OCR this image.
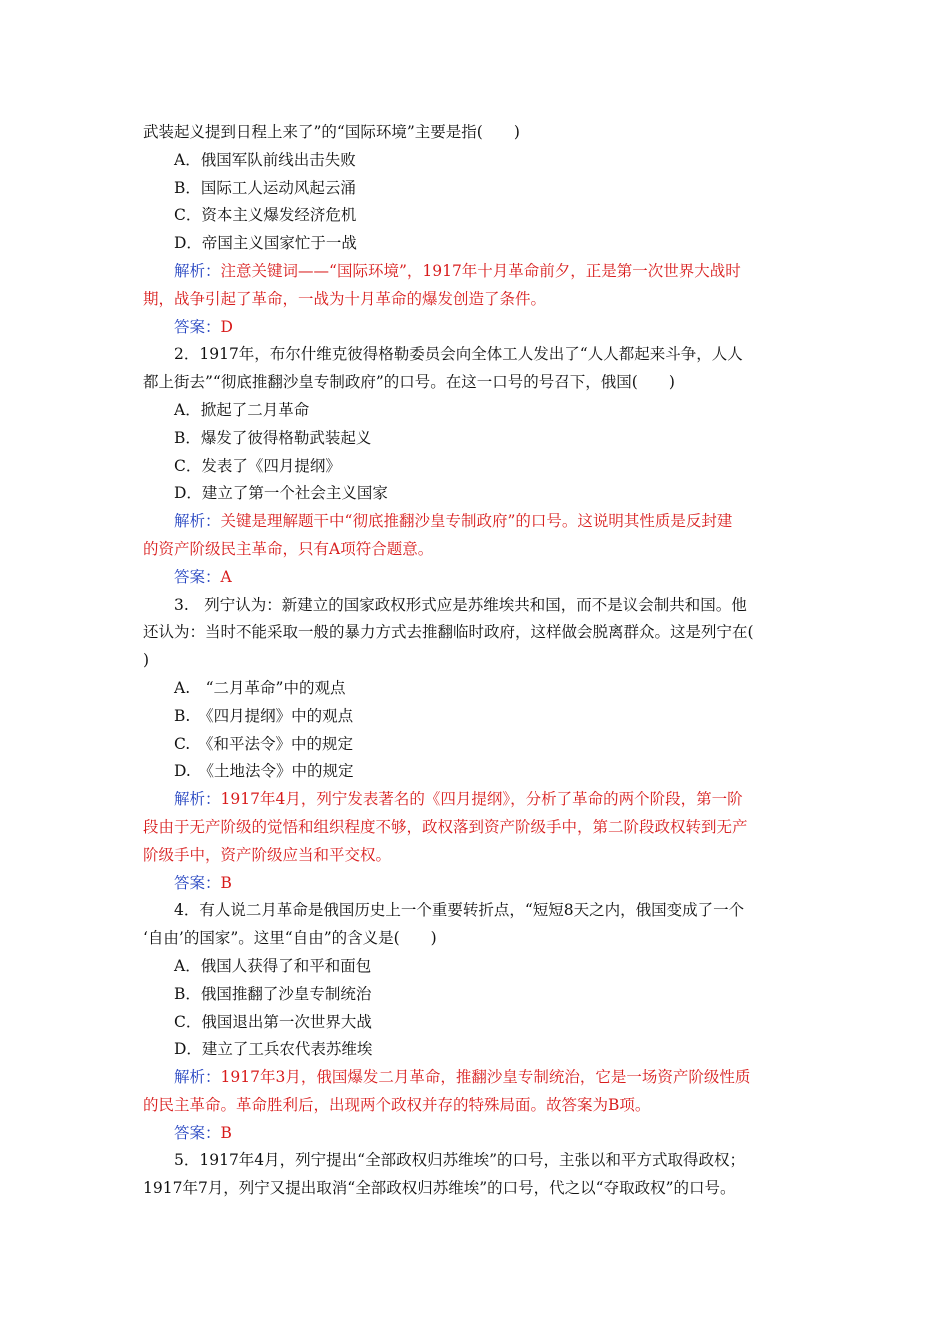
武装起义提到日程上来了”的“国际环境”主要是指(　　)
A．俄国军队前线出击失败
B．国际工人运动风起云涌
C．资本主义爆发经济危机
D．帝国主义国家忙于一战
解析：注意关键词——“国际环境”，1917年十月革命前夕，正是第一次世界大战时
期，战争引起了革命，一战为十月革命的爆发创造了条件。
答案：D
2．1917年，布尔什维克彼得格勒委员会向全体工人发出了“人人都起来斗争，人人
都上街去”“彻底推翻沙皇专制政府”的口号。在这一口号的号召下，俄国(　　)
A．掀起了二月革命
B．爆发了彼得格勒武装起义
C．发表了《四月提纲》
D．建立了第一个社会主义国家
解析：关键是理解题干中“彻底推翻沙皇专制政府”的口号。这说明其性质是反封建
的资产阶级民主革命，只有A项符合题意。
答案：A
3.　列宁认为：新建立的国家政权形式应是苏维埃共和国，而不是议会制共和国。他
还认为：当时不能采取一般的暴力方式去推翻临时政府，这样做会脱离群众。这是列宁在(
)
A.　“二月革命”中的观点
B.　《四月提纲》中的观点
C.　《和平法令》中的规定
D.　《土地法令》中的规定
解析：1917年4月，列宁发表著名的《四月提纲》，分析了革命的两个阶段，第一阶
段由于无产阶级的觉悟和组织程度不够，政权落到资产阶级手中，第二阶段政权转到无产
阶级手中，资产阶级应当和平交权。
答案：B
4．有人说二月革命是俄国历史上一个重要转折点，“短短8天之内，俄国变成了一个
‘自由’的国家”。这里“自由”的含义是(　　)
A．俄国人获得了和平和面包
B．俄国推翻了沙皇专制统治
C．俄国退出第一次世界大战
D．建立了工兵农代表苏维埃
解析：1917年3月，俄国爆发二月革命，推翻沙皇专制统治，它是一场资产阶级性质
的民主革命。革命胜利后，出现两个政权并存的特殊局面。故答案为B项。
答案：B
5．1917年4月，列宁提出“全部政权归苏维埃”的口号，主张以和平方式取得政权；
1917年7月，列宁又提出取消“全部政权归苏维埃”的口号，代之以“夺取政权”的口号。
